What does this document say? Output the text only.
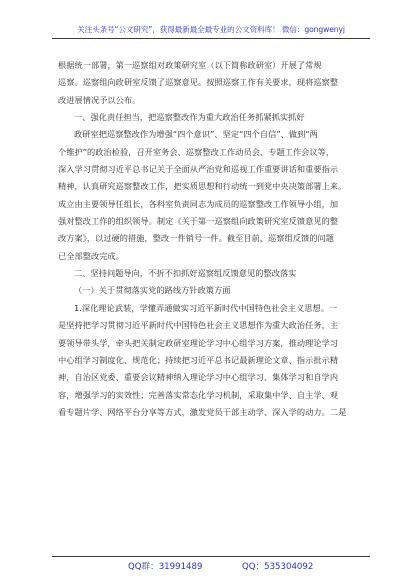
关注头条号“公文研究”，获得最新最全最专业的公文资料库！ 微信：gongwenyj
根据统一部署，第一巡察组对政策研究室（以下简称政研室）开展了常规
巡察。巡察组向政研室反馈了巡察意见。按照巡察工作有关要求，现将巡察整
改进展情况予以公布。
一、强化责任担当，把巡察整改作为重大政治任务抓紧抓实抓好
政研室把巡察整改作为增强“四个意识”、坚定“四个自信”、做到“两
个维护”的政治检验，召开室务会、巡察整改工作动员会、专题工作会议等，
深入学习贯彻习近平总书记关于全面从严治党和巡视工作重要讲话和重要指示
精神，认真研究巡察整改工作，把实质思想和行动统一到党中央决策部署上来。
成立由主要领导任组长，各科室负责同志为成员的巡察整改工作领导小组，加
强对整改工作的组织领导。制定《关于第一巡察组向政策研究室反馈意见的整
改方案》，以过硬的措施，整改一件销号一件。截至目前，巡察组反馈的问题
已全部整改完成。
二、坚持问题导向，不折不扣抓好巡察组反馈意见的整改落实
（一）关于贯彻落实党的路线方针政策方面
1.深化理论武装，学懂弄通做实习近平新时代中国特色社会主义思想。一
是坚持把学习贯彻习近平新时代中国特色社会主义思想作为重大政治任务，主
要领导带头学，牵头把关制定政研室理论学习中心组学习方案，推动理论学习
中心组学习制度化、规范化；持续把习近平总书记最新理论文章、指示批示精
神，自治区党委、重要会议精神纳入理论学习中心组学习、集体学习和自学内
容，增强学习的实效性；完善落实常态化学习机制，采取集中学、自主学、观
看专题片学、网络平台分享等方式，激发党员干部主动学、深入学的动力。二是
QQ群：31991489	QQ：535304092
